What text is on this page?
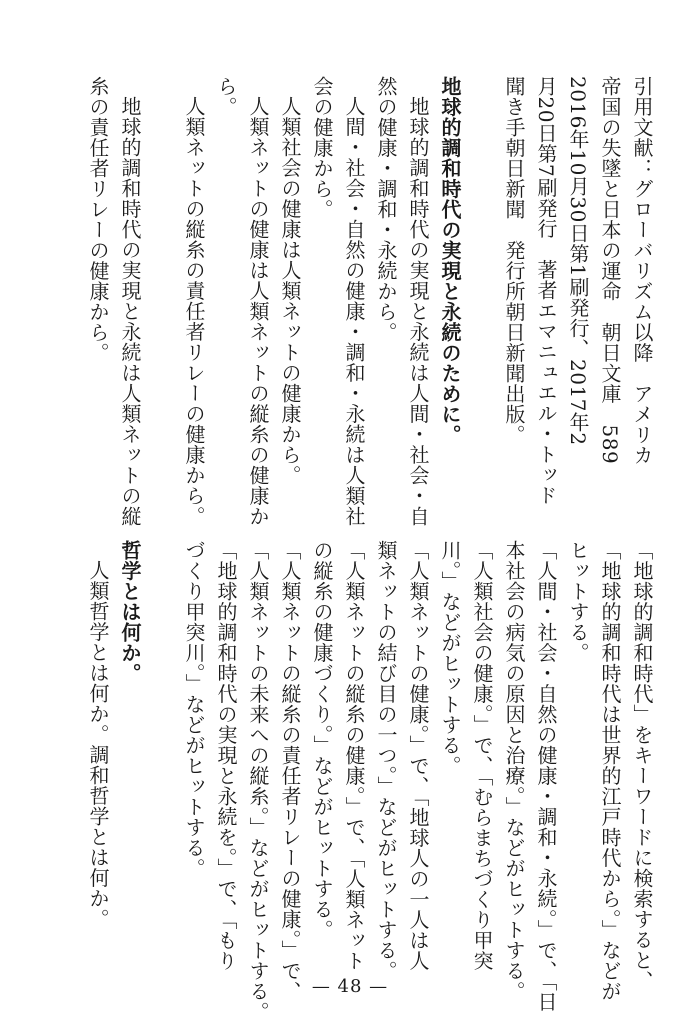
引用文献：グローバリズム以降　アメリカ
帝国の失墜と日本の運命　朝日文庫　589
2016年10月30日第1刷発行、2017年2
月20日第7刷発行　著者エマニュエル・トッド
聞き手朝日新聞　発行所朝日新聞出版。

地球的調和時代の実現と永続のために。
地球的調和時代の実現と永続は人間・社会・自
然の健康・調和・永続から。
人間・社会・自然の健康・調和・永続は人類社
会の健康から。
人類社会の健康は人類ネットの健康から。
人類ネットの健康は人類ネットの縦糸の健康か
ら。
人類ネットの縦糸の責任者リレーの健康から。

地球的調和時代の実現と永続は人類ネットの縦
糸の責任者リレーの健康から。
「地球的調和時代」をキーワードに検索すると、
「地球的調和時代は世界的江戸時代から。」などが
ヒットする。
「人間・社会・自然の健康・調和・永続。」で、「日
本社会の病気の原因と治療。」などがヒットする。
「人類社会の健康。」で、「むらまちづくり甲突
川。」などがヒットする。
「人類ネットの健康。」で、「地球人の一人は人
類ネットの結び目の一つ。」などがヒットする。
「人類ネットの縦糸の健康。」で、「人類ネット
の縦糸の健康づくり。」などがヒットする。
「人類ネットの縦糸の責任者リレーの健康。」で、
「人類ネットの未来への縦糸。」などがヒットする。
「地球的調和時代の実現と永続を。」で、「もり
づくり甲突川。」などがヒットする。

哲学とは何か。
人類哲学とは何か。調和哲学とは何か。
— 48 —
